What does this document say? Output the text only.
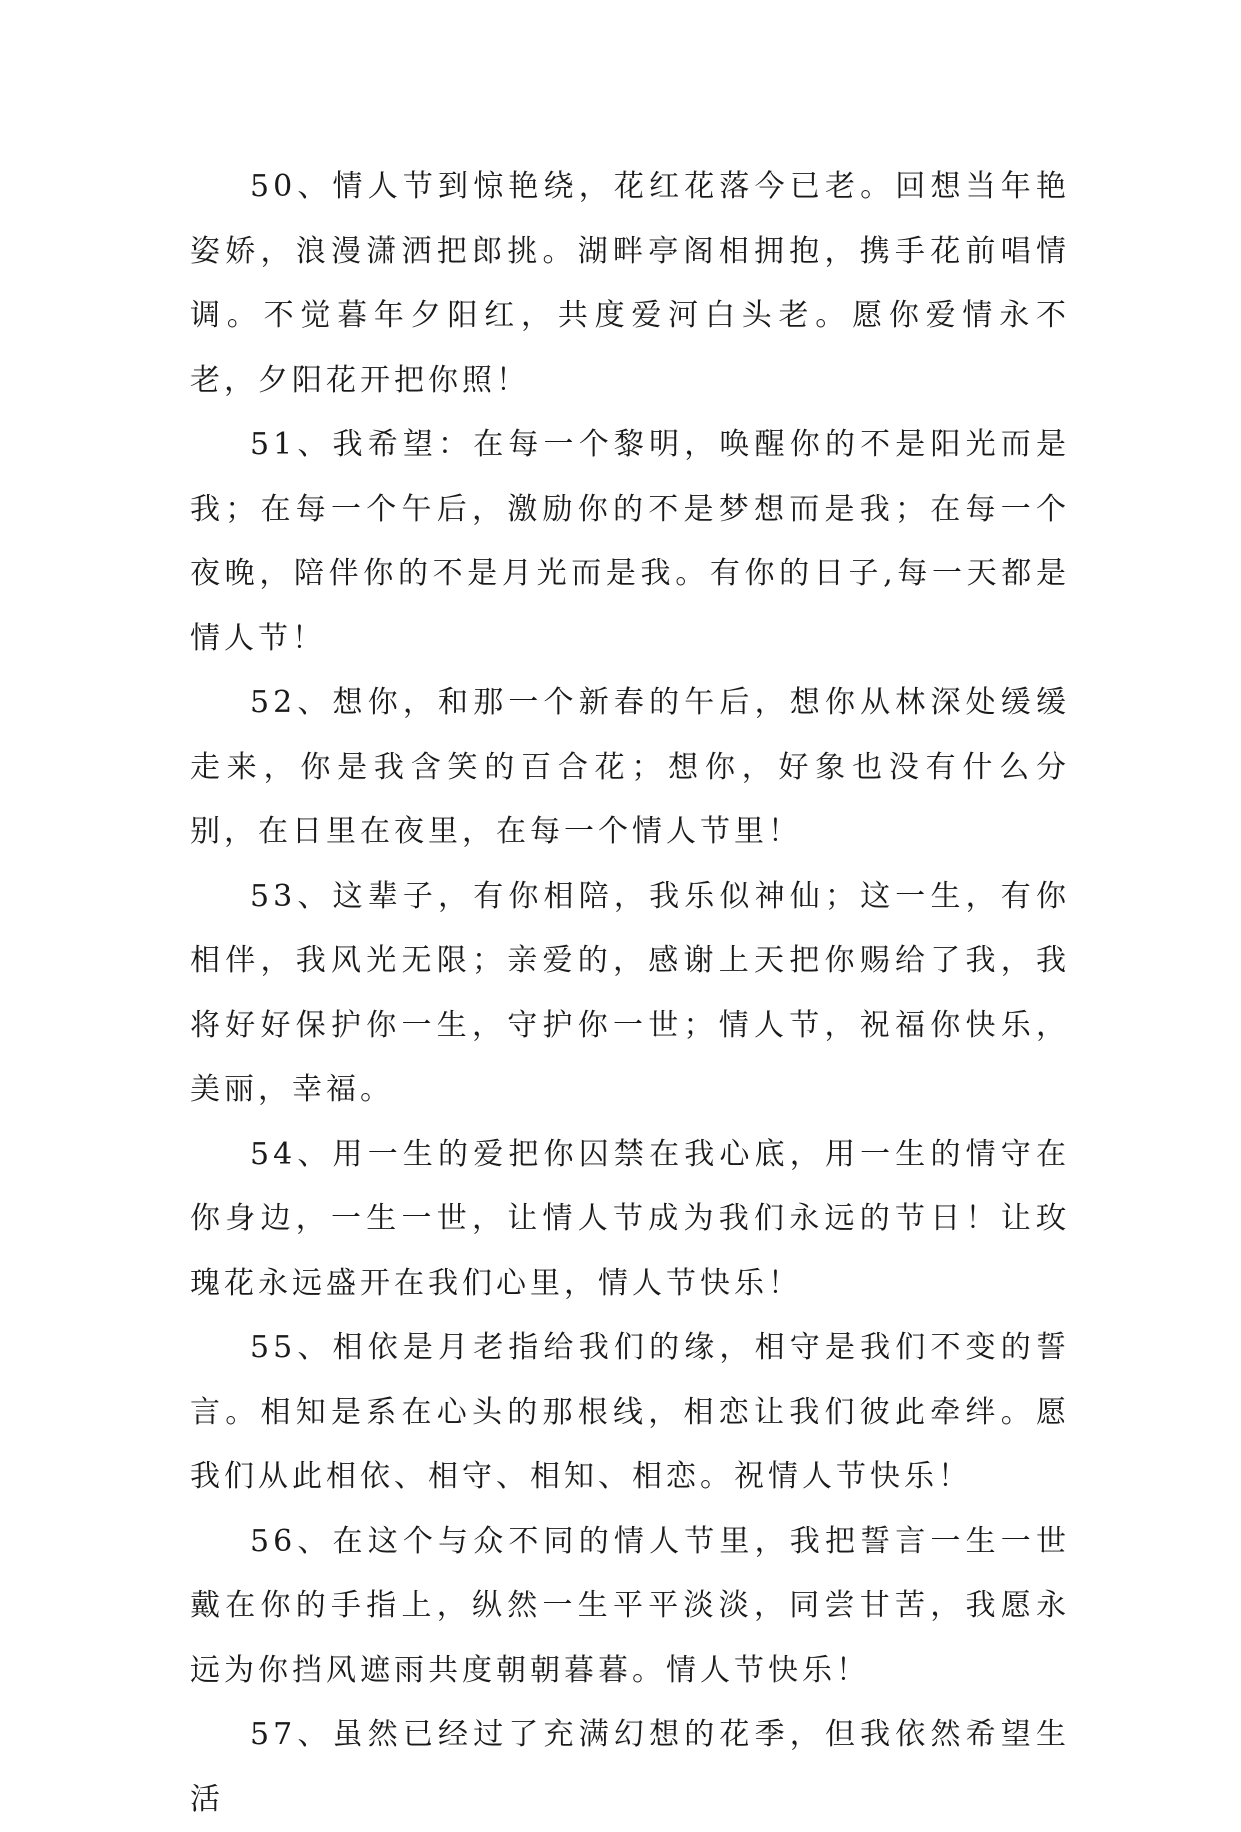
50、情人节到惊艳绕，花红花落今已老。回想当年艳姿娇，浪漫潇洒把郎挑。湖畔亭阁相拥抱，携手花前唱情调。不觉暮年夕阳红，共度爱河白头老。愿你爱情永不老，夕阳花开把你照！

51、我希望：在每一个黎明，唤醒你的不是阳光而是我；在每一个午后，激励你的不是梦想而是我；在每一个夜晚，陪伴你的不是月光而是我。有你的日子,每一天都是情人节！

52、想你，和那一个新春的午后，想你从林深处缓缓走来，你是我含笑的百合花；想你，好象也没有什么分别，在日里在夜里，在每一个情人节里！

53、这辈子，有你相陪，我乐似神仙；这一生，有你相伴，我风光无限；亲爱的，感谢上天把你赐给了我，我将好好保护你一生，守护你一世；情人节，祝福你快乐，美丽，幸福。

54、用一生的爱把你囚禁在我心底，用一生的情守在你身边，一生一世，让情人节成为我们永远的节日！让玫瑰花永远盛开在我们心里，情人节快乐！

55、相依是月老指给我们的缘，相守是我们不变的誓言。相知是系在心头的那根线，相恋让我们彼此牵绊。愿我们从此相依、相守、相知、相恋。祝情人节快乐！

56、在这个与众不同的情人节里，我把誓言一生一世戴在你的手指上，纵然一生平平淡淡，同尝甘苦，我愿永远为你挡风遮雨共度朝朝暮暮。情人节快乐！

57、虽然已经过了充满幻想的花季，但我依然希望生活
